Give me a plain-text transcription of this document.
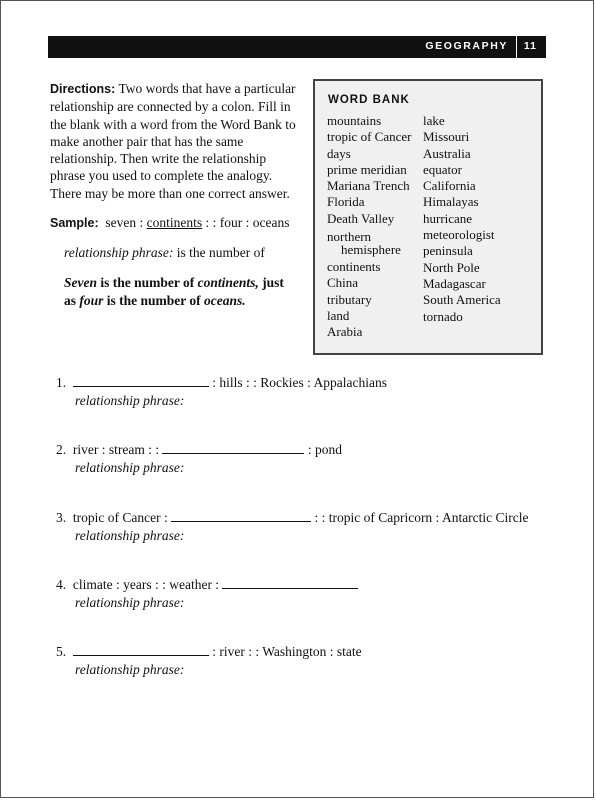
GEOGRAPHY 11
Directions: Two words that have a particular relationship are connected by a colon. Fill in the blank with a word from the Word Bank to make another pair that has the same relationship. Then write the relationship phrase you used to complete the analogy. There may be more than one correct answer.
Sample: seven : continents : : four : oceans
relationship phrase: is the number of
Seven is the number of continents, just as four is the number of oceans.
WORD BANK
mountains
tropic of Cancer
days
prime meridian
Mariana Trench
Florida
Death Valley
northern
hemisphere
continents
China
tributary
land
Arabia
lake
Missouri
Australia
equator
California
Himalayas
hurricane
meteorologist
peninsula
North Pole
Madagascar
South America
tornado
1.	: hills : : Rockies : Appalachians
relationship phrase:
2. river : stream : :	: pond
relationship phrase:
3. tropic of Cancer :	: : tropic of Capricorn : Antarctic Circle
relationship phrase:
4. climate : years : : weather :
relationship phrase:
5.	: river : : Washington : state
relationship phrase:
